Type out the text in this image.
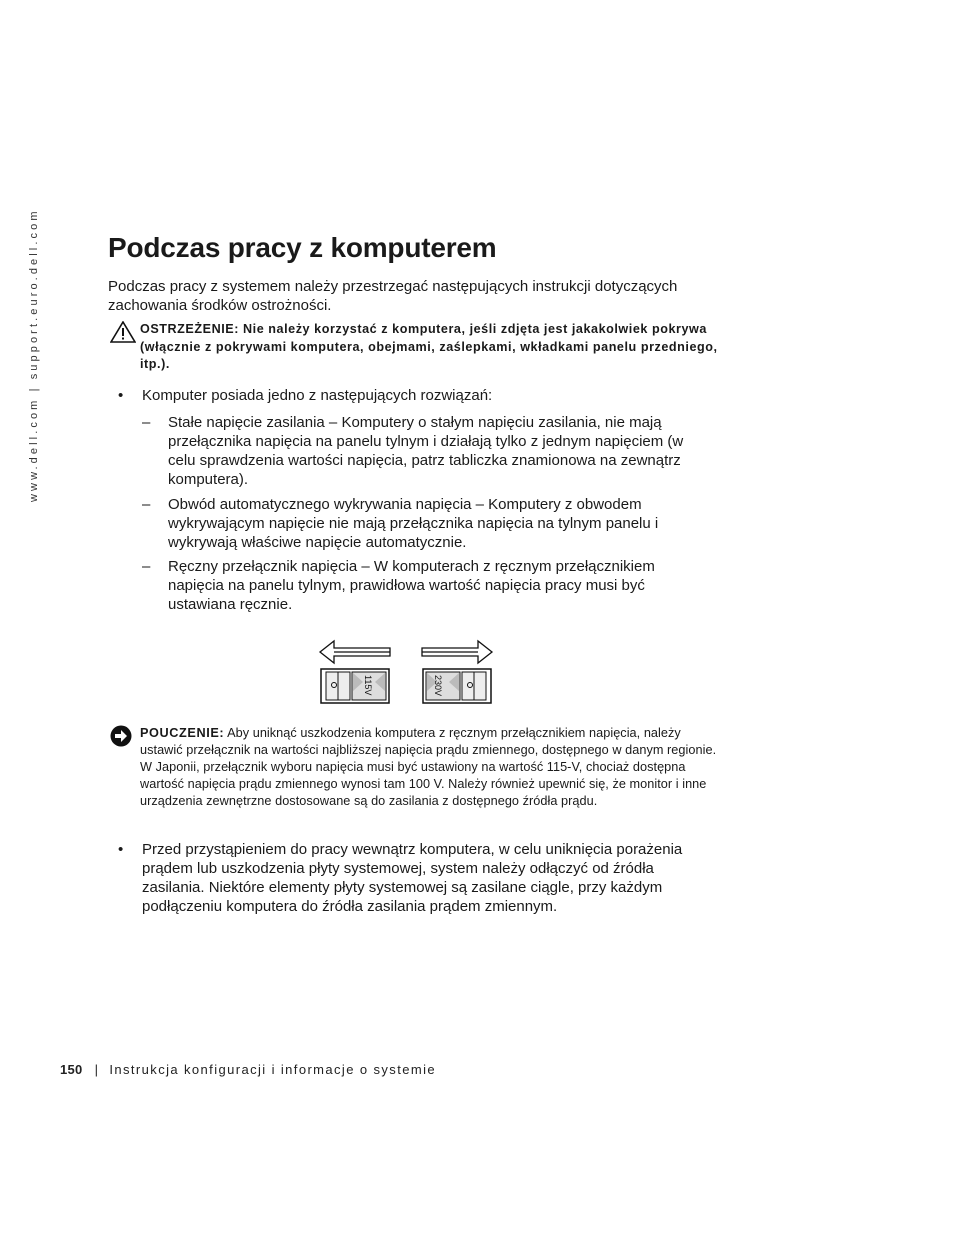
www.dell.com | support.euro.dell.com Podczas pracy z komputerem

Podczas pracy z systemem należy przestrzegać następujących instrukcji dotyczących zachowania środków ostrożności.

OSTRZEŻENIE: Nie należy korzystać z komputera, jeśli zdjęta jest jakakolwiek pokrywa (włącznie z pokrywami komputera, obejmami, zaślepkami, wkładkami panelu przedniego, itp.).

• Komputer posiada jedno z następujących rozwiązań:
– Stałe napięcie zasilania – Komputery o stałym napięciu zasilania, nie mają przełącznika napięcia na panelu tylnym i działają tylko z jednym napięciem (w celu sprawdzenia wartości napięcia, patrz tabliczka znamionowa na zewnątrz komputera).
– Obwód automatycznego wykrywania napięcia – Komputery z obwodem wykrywającym napięcie nie mają przełącznika napięcia na tylnym panelu i wykrywają właściwe napięcie automatycznie.
– Ręczny przełącznik napięcia – W komputerach z ręcznym przełącznikiem napięcia na panelu tylnym, prawidłowa wartość napięcia pracy musi być ustawiana ręcznie.
115V	230V

POUCZENIE: Aby uniknąć uszkodzenia komputera z ręcznym przełącznikiem napięcia, należy ustawić przełącznik na wartości najbliższej napięcia prądu zmiennego, dostępnego w danym regionie. W Japonii, przełącznik wyboru napięcia musi być ustawiony na wartość 115-V, chociaż dostępna wartość napięcia prądu zmiennego wynosi tam 100 V. Należy również upewnić się, że monitor i inne urządzenia zewnętrzne dostosowane są do zasilania z dostępnego źródła prądu.

• Przed przystąpieniem do pracy wewnątrz komputera, w celu uniknięcia porażenia prądem lub uszkodzenia płyty systemowej, system należy odłączyć od źródła zasilania. Niektóre elementy płyty systemowej są zasilane ciągle, przy każdym podłączeniu komputera do źródła zasilania prądem zmiennym.
150 | Instrukcja konfiguracji i informacje o systemie
